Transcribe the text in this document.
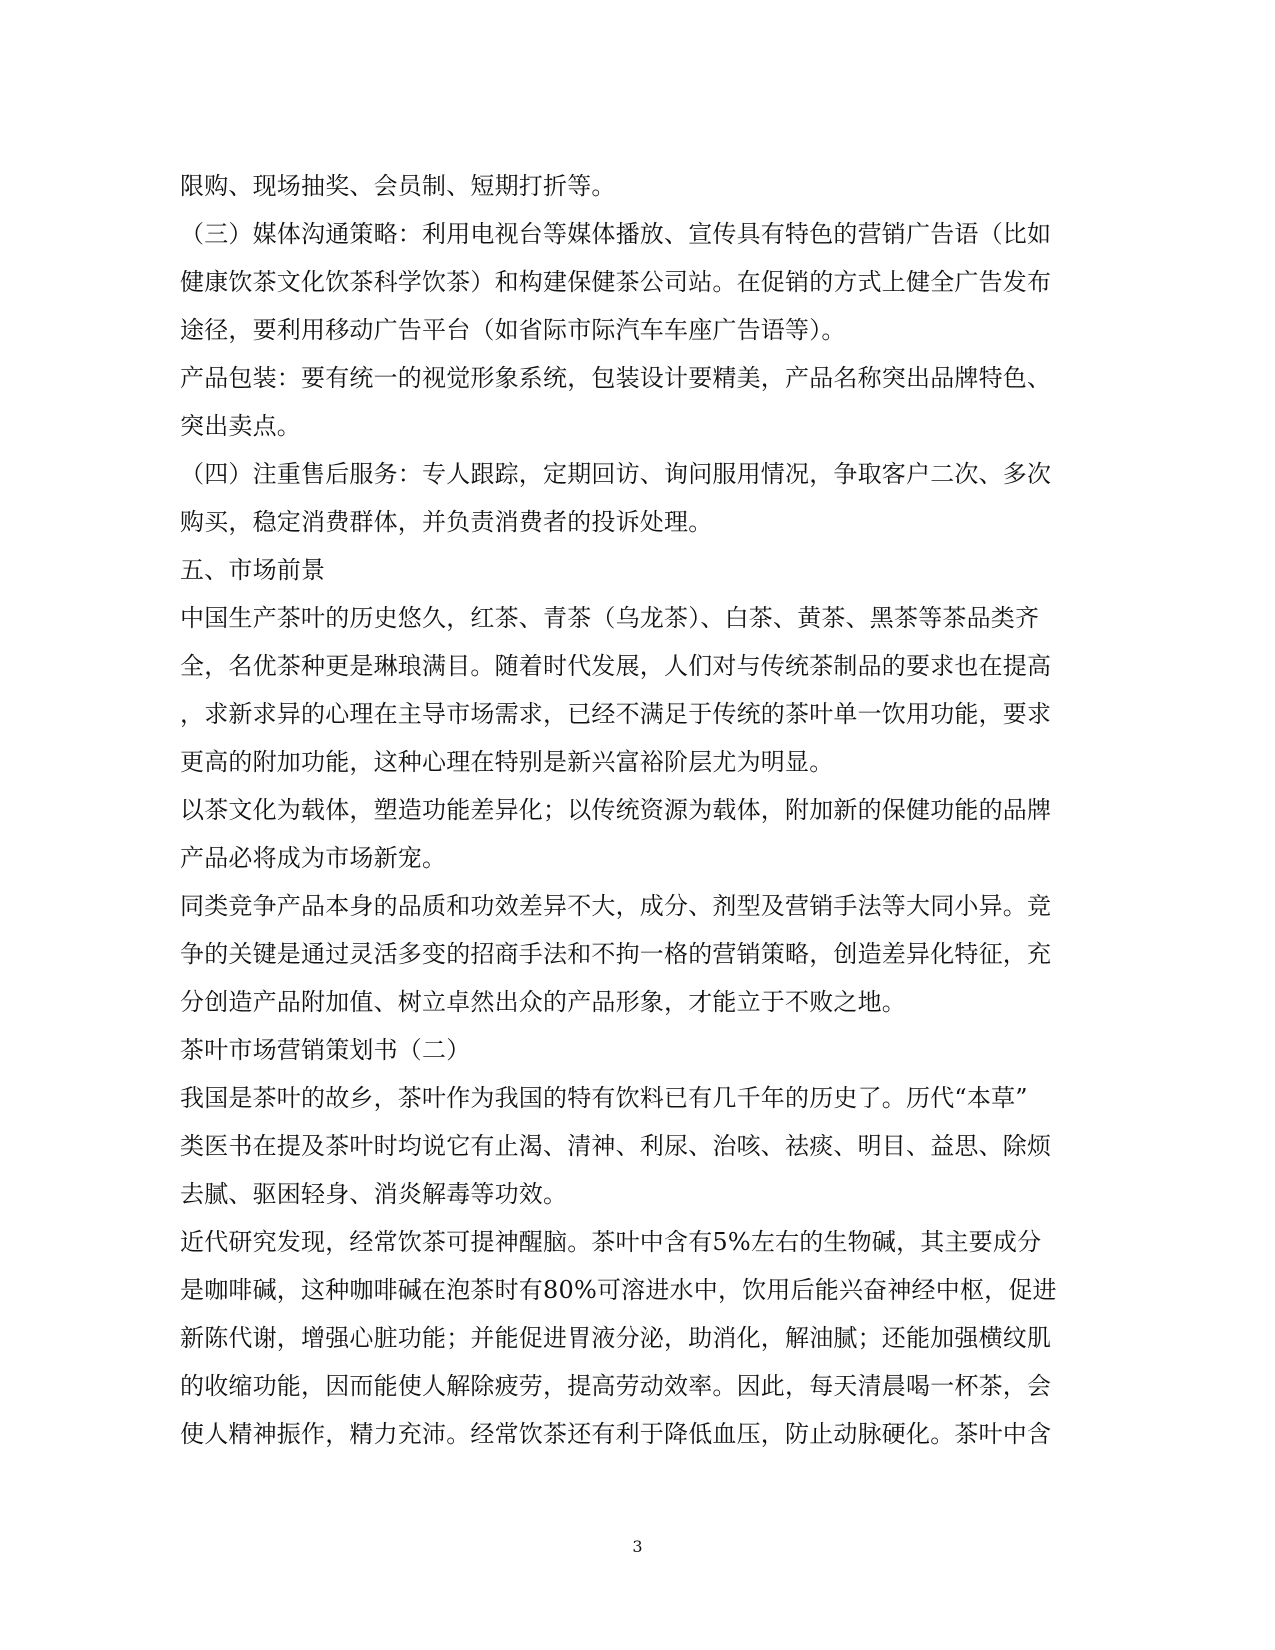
限购、现场抽奖、会员制、短期打折等。
（三）媒体沟通策略：利用电视台等媒体播放、宣传具有特色的营销广告语（比如
健康饮茶文化饮茶科学饮茶）和构建保健茶公司站。在促销的方式上健全广告发布
途径，要利用移动广告平台（如省际市际汽车车座广告语等）。
产品包装：要有统一的视觉形象系统，包装设计要精美，产品名称突出品牌特色、
突出卖点。
（四）注重售后服务：专人跟踪，定期回访、询问服用情况，争取客户二次、多次
购买，稳定消费群体，并负责消费者的投诉处理。
五、市场前景
中国生产茶叶的历史悠久，红茶、青茶（乌龙茶）、白茶、黄茶、黑茶等茶品类齐
全，名优茶种更是琳琅满目。随着时代发展，人们对与传统茶制品的要求也在提高
，求新求异的心理在主导市场需求，已经不满足于传统的茶叶单一饮用功能，要求
更高的附加功能，这种心理在特别是新兴富裕阶层尤为明显。
以茶文化为载体，塑造功能差异化；以传统资源为载体，附加新的保健功能的品牌
产品必将成为市场新宠。
同类竞争产品本身的品质和功效差异不大，成分、剂型及营销手法等大同小异。竞
争的关键是通过灵活多变的招商手法和不拘一格的营销策略，创造差异化特征，充
分创造产品附加值、树立卓然出众的产品形象，才能立于不败之地。
茶叶市场营销策划书（二）
我国是茶叶的故乡，茶叶作为我国的特有饮料已有几千年的历史了。历代“本草”
类医书在提及茶叶时均说它有止渴、清神、利尿、治咳、祛痰、明目、益思、除烦
去腻、驱困轻身、消炎解毒等功效。
近代研究发现，经常饮茶可提神醒脑。茶叶中含有5%左右的生物碱，其主要成分
是咖啡碱，这种咖啡碱在泡茶时有80%可溶进水中，饮用后能兴奋神经中枢，促进
新陈代谢，增强心脏功能；并能促进胃液分泌，助消化，解油腻；还能加强横纹肌
的收缩功能，因而能使人解除疲劳，提高劳动效率。因此，每天清晨喝一杯茶，会
使人精神振作，精力充沛。经常饮茶还有利于降低血压，防止动脉硬化。茶叶中含
3
